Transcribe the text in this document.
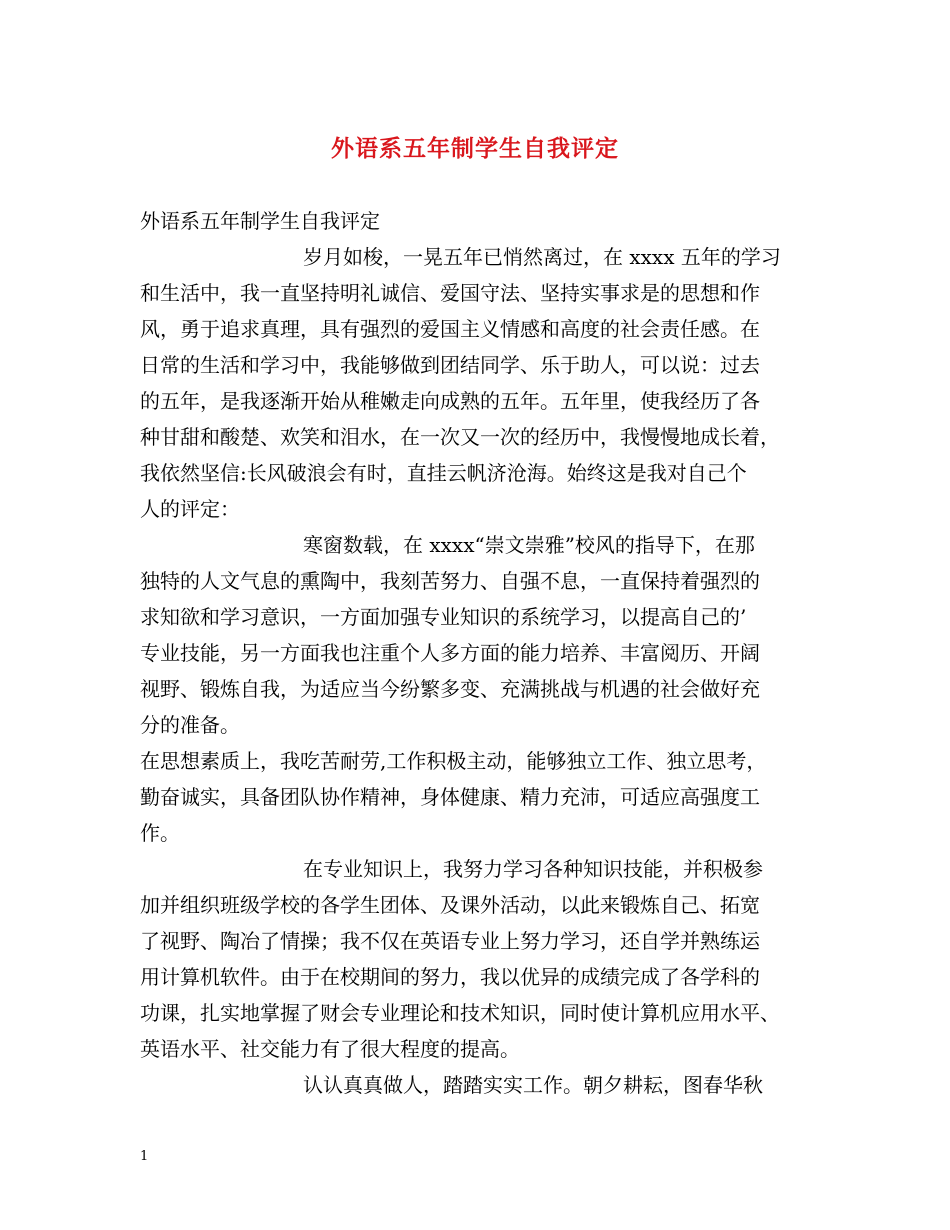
外语系五年制学生自我评定
外语系五年制学生自我评定
岁月如梭，一晃五年已悄然离过，在 xxxx 五年的学习
和生活中，我一直坚持明礼诚信、爱国守法、坚持实事求是的思想和作
风，勇于追求真理，具有强烈的爱国主义情感和高度的社会责任感。在
日常的生活和学习中，我能够做到团结同学、乐于助人，可以说：过去
的五年，是我逐渐开始从稚嫩走向成熟的五年。五年里，使我经历了各
种甘甜和酸楚、欢笑和泪水，在一次又一次的经历中，我慢慢地成长着，
我依然坚信:长风破浪会有时，直挂云帆济沧海。始终这是我对自己个
人的评定：
寒窗数载，在 xxxx“崇文崇雅”校风的指导下，在那
独特的人文气息的熏陶中，我刻苦努力、自强不息，一直保持着强烈的
求知欲和学习意识，一方面加强专业知识的系统学习，以提高自己的’
专业技能，另一方面我也注重个人多方面的能力培养、丰富阅历、开阔
视野、锻炼自我，为适应当今纷繁多变、充满挑战与机遇的社会做好充
分的准备。
在思想素质上，我吃苦耐劳,工作积极主动，能够独立工作、独立思考，
勤奋诚实，具备团队协作精神，身体健康、精力充沛，可适应高强度工
作。
在专业知识上，我努力学习各种知识技能，并积极参
加并组织班级学校的各学生团体、及课外活动，以此来锻炼自己、拓宽
了视野、陶冶了情操；我不仅在英语专业上努力学习，还自学并熟练运
用计算机软件。由于在校期间的努力，我以优异的成绩完成了各学科的
功课，扎实地掌握了财会专业理论和技术知识，同时使计算机应用水平、
英语水平、社交能力有了很大程度的提高。
认认真真做人，踏踏实实工作。朝夕耕耘，图春华秋
1
